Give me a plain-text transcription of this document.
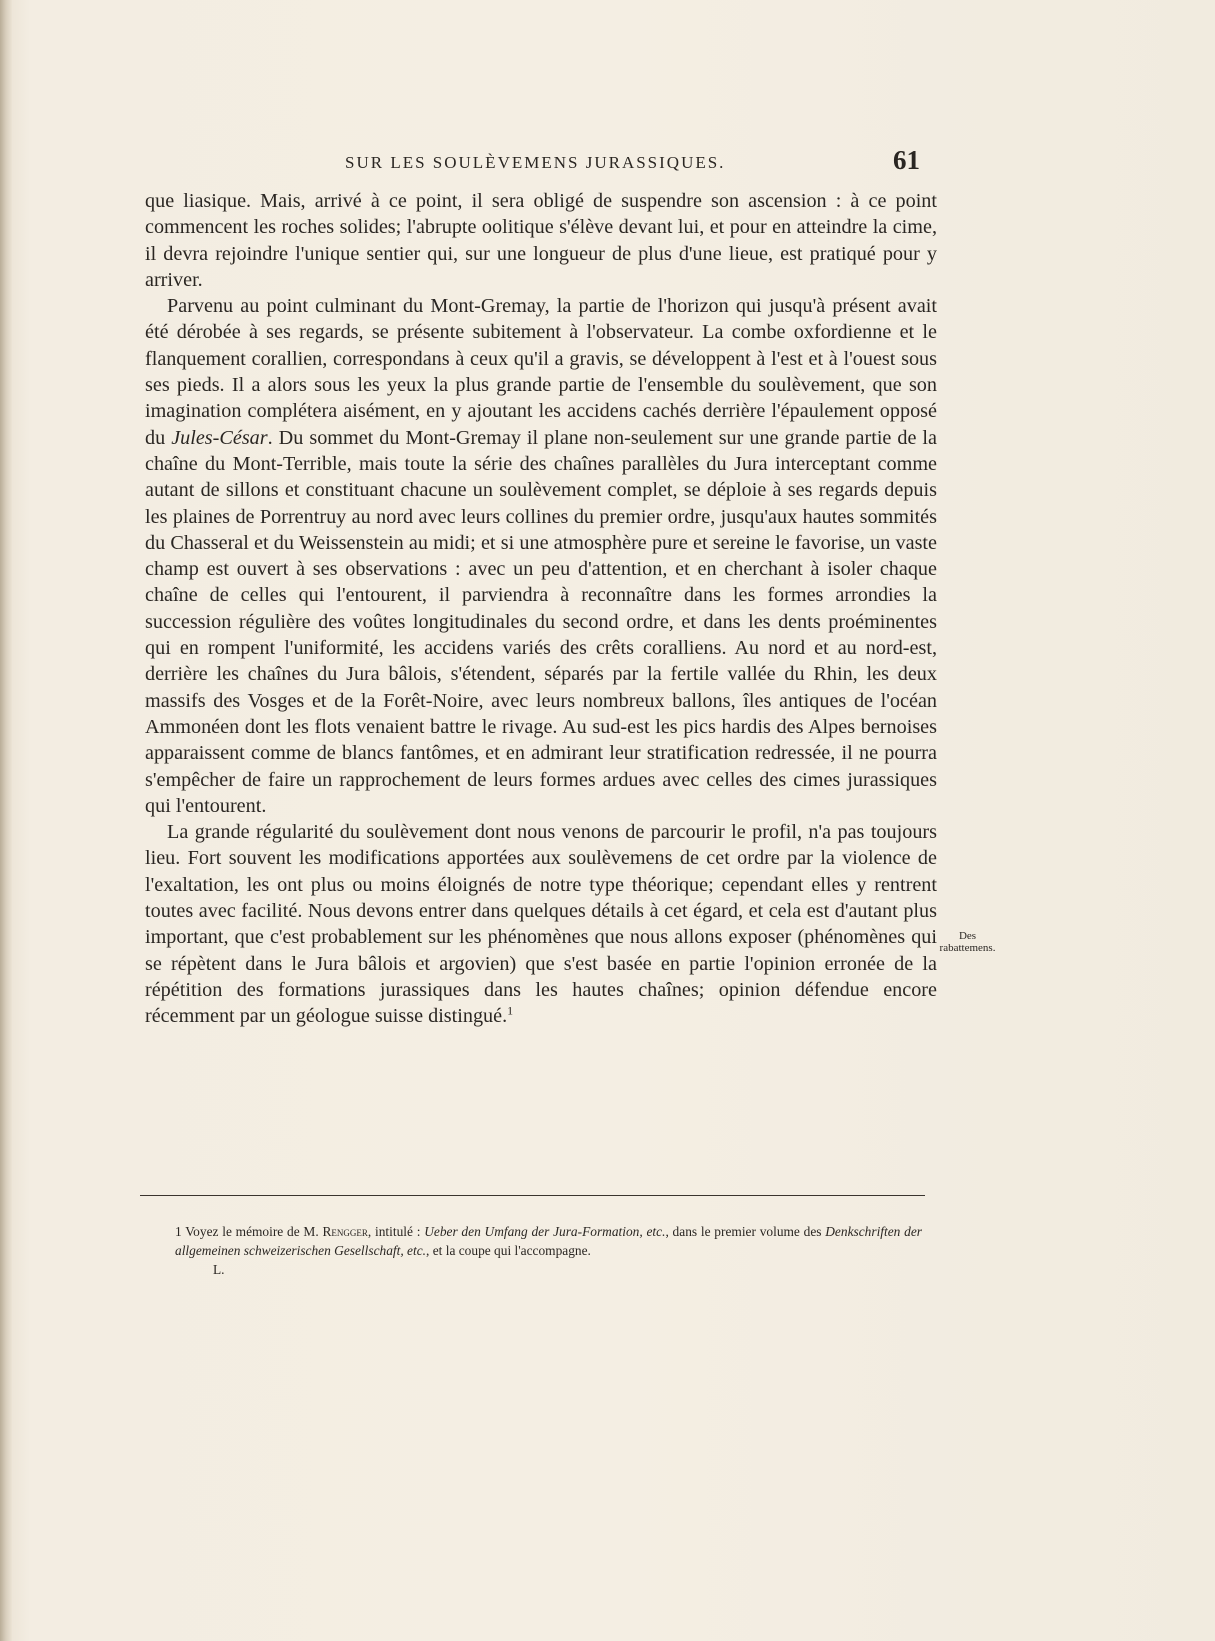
SUR LES SOULÈVEMENS JURASSIQUES.	61

que liasique. Mais, arrivé à ce point, il sera obligé de suspendre son ascension : à ce point commencent les roches solides; l'abrupte oolitique s'élève devant lui, et pour en atteindre la cime, il devra rejoindre l'unique sentier qui, sur une longueur de plus d'une lieue, est pratiqué pour y arriver.

Parvenu au point culminant du Mont-Gremay, la partie de l'horizon qui jusqu'à présent avait été dérobée à ses regards, se présente subitement à l'observateur. La combe oxfordienne et le flanquement corallien, correspondans à ceux qu'il a gravis, se développent à l'est et à l'ouest sous ses pieds. Il a alors sous les yeux la plus grande partie de l'ensemble du soulèvement, que son imagination complétera aisément, en y ajoutant les accidens cachés derrière l'épaulement opposé du Jules-César. Du sommet du Mont-Gremay il plane non-seulement sur une grande partie de la chaîne du Mont-Terrible, mais toute la série des chaînes parallèles du Jura interceptant comme autant de sillons et constituant chacune un soulèvement complet, se déploie à ses regards depuis les plaines de Porrentruy au nord avec leurs collines du premier ordre, jusqu'aux hautes sommités du Chasseral et du Weissenstein au midi; et si une atmosphère pure et sereine le favorise, un vaste champ est ouvert à ses observations : avec un peu d'attention, et en cherchant à isoler chaque chaîne de celles qui l'entourent, il parviendra à reconnaître dans les formes arrondies la succession régulière des voûtes longitudinales du second ordre, et dans les dents proéminentes qui en rompent l'uniformité, les accidens variés des crêts coralliens. Au nord et au nord-est, derrière les chaînes du Jura bâlois, s'étendent, séparés par la fertile vallée du Rhin, les deux massifs des Vosges et de la Forêt-Noire, avec leurs nombreux ballons, îles antiques de l'océan Ammonéen dont les flots venaient battre le rivage. Au sud-est les pics hardis des Alpes bernoises apparaissent comme de blancs fantômes, et en admirant leur stratification redressée, il ne pourra s'empêcher de faire un rapprochement de leurs formes ardues avec celles des cimes jurassiques qui l'entourent.

La grande régularité du soulèvement dont nous venons de parcourir le profil, n'a pas toujours lieu. Fort souvent les modifications apportées aux soulèvemens de cet ordre par la violence de l'exaltation, les ont plus ou moins éloignés de notre type théorique; cependant elles y rentrent toutes avec facilité. Nous devons entrer dans quelques détails à cet égard, et cela est d'autant plus important, que c'est probablement sur les phénomènes que nous allons exposer (phénomènes qui se répètent dans le Jura bâlois et argovien) que s'est basée en partie l'opinion erronée de la répétition des formations jurassiques dans les hautes chaînes; opinion défendue encore récemment par un géologue suisse distingué.$^1$

Des
rabattemens.

1 Voyez le mémoire de M. Rengger, intitulé : Ueber den Umfang der Jura-Formation, etc., dans le premier volume des Denkschriften der allgemeinen schweizerischen Gesellschaft, etc., et la coupe qui l'accompagne.

L.
